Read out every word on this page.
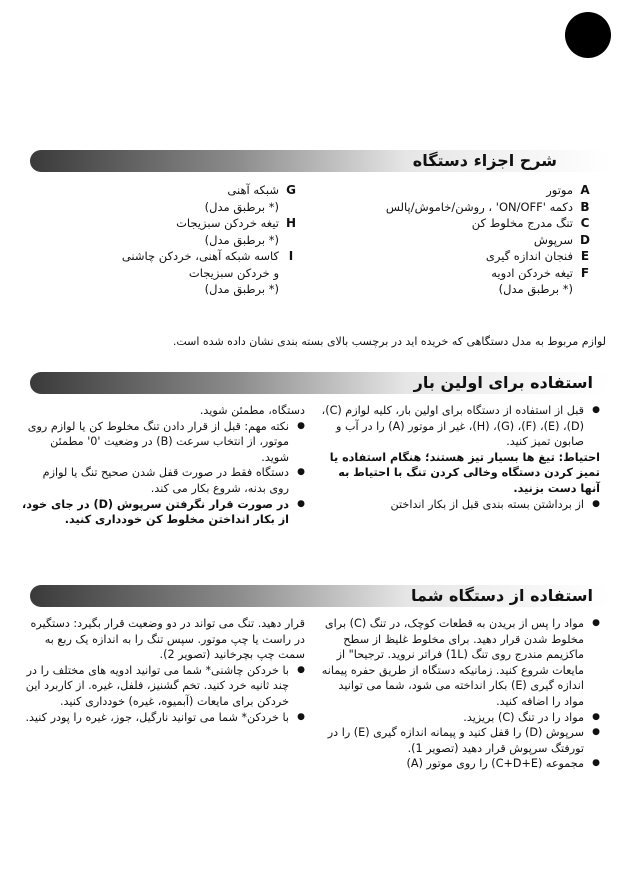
شرح اجزاء دستگاه
A
موتور
B
دکمه 'ON/OFF' ، روشن/خاموش/پالس
C
تنگ مدرج مخلوط کن
D
سرپوش
E
فنجان اندازه گیری
F
تیغه خردکن ادویه
(* برطبق مدل)
G
شبکه آهنی
(* برطبق مدل)
H
تیغه خردکن سبزیجات
(* برطبق مدل)
I
کاسه شبکه آهنی، خردکن چاشنی
و خردکن سبزیجات
(* برطبق مدل)
لوازم مربوط به مدل دستگاهی که خریده اید در برچسب بالای بسته بندی نشان داده شده است.
استفاده برای اولین بار

● قبل از استفاده از دستگاه برای اولین بار، کلیه لوازم (C)، (D)، (E)، (F)، (G)، (H)، غیر از موتور (A) را در آب و صابون تمیز کنید.

احتیاط: تیغ ها بسیار تیز هستند؛ هنگام استفاده یا تمیز کردن دستگاه وخالی کردن تنگ با احتیاط به آنها دست بزنید.

● از برداشتن بسته بندی قبل از بکار انداختن

دستگاه، مطمئن شوید.

● نکته مهم: قبل از قرار دادن تنگ مخلوط کن یا لوازم روی موتور، از انتخاب سرعت (B) در وضعیت '0' مطمئن شوید.

● دستگاه فقط در صورت قفل شدن صحیح تنگ یا لوازم روی بدنه، شروع بکار می کند.

● در صورت قرار نگرفتن سرپوش (D) در جای خود، از بکار انداختن مخلوط کن خودداری کنید.

استفاده از دستگاه شما

● مواد را پس از بریدن به قطعات کوچک، در تنگ (C) برای مخلوط شدن قرار دهید. برای مخلوط غلیظ از سطح ماکزیمم مندرج روی تنگ (1L) فراتر نروید. ترجیحا" از مایعات شروع کنید. زمانیکه دستگاه از طریق حفره پیمانه اندازه گیری (E) بکار انداخته می شود، شما می توانید مواد را اضافه کنید.

● مواد را در تنگ (C) بریزید.

● سرپوش (D) را قفل کنید و پیمانه اندازه گیری (E) را در تورفتگ سرپوش قرار دهید (تصویر 1).

● مجموعه (C+D+E) را روی موتور (A)

قرار دهید. تنگ می تواند در دو وضعیت قرار بگیرد: دستگیره در راست یا چپ موتور. سپس تنگ را به اندازه یک ربع به سمت چپ بچرخانید (تصویر 2).

● با خردکن چاشنی* شما می توانید ادویه های مختلف را در چند ثانیه خرد کنید. تخم گشنیز، فلفل، غیره. از کاربرد این خردکن برای مایعات (آبمیوه، غیره) خودداری کنید.

● با خردکن* شما می توانید نارگیل، جوز، غیره را پودر کنید.
